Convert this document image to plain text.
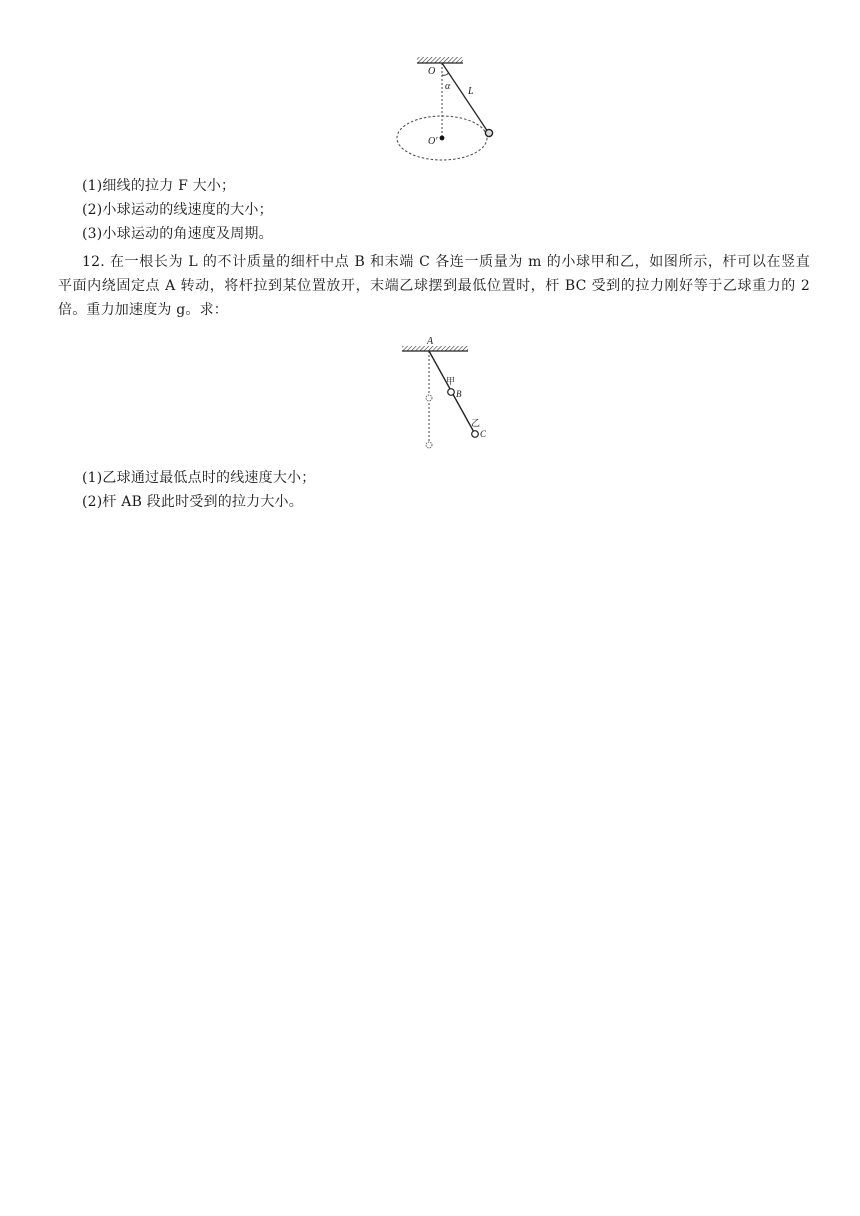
O
α L
O′
(1)细线的拉力 F 大小；
(2)小球运动的线速度的大小；
(3)小球运动的角速度及周期。
12. 在一根长为 L 的不计质量的细杆中点 B 和末端 C 各连一质量为 m 的小球甲和乙，如图所示，杆可以在竖直
平面内绕固定点 A 转动，将杆拉到某位置放开，末端乙球摆到最低位置时，杆 BC 受到的拉力刚好等于乙球重力的 2
倍。重力加速度为 g。求：
A
甲
B
乙
C
(1)乙球通过最低点时的线速度大小；
(2)杆 AB 段此时受到的拉力大小。
